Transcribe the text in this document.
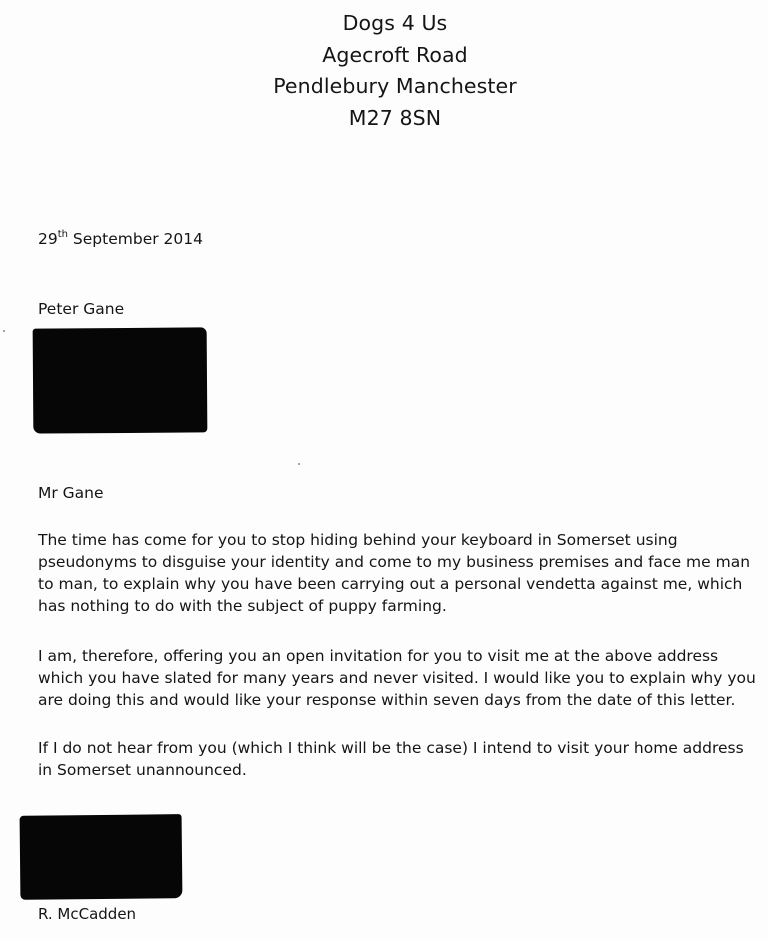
Dogs 4 Us
Agecroft Road
Pendlebury Manchester
M27 8SN
29th September 2014
Peter Gane
Mr Gane
The time has come for you to stop hiding behind your keyboard in Somerset using
pseudonyms to disguise your identity and come to my business premises and face me man
to man, to explain why you have been carrying out a personal vendetta against me, which
has nothing to do with the subject of puppy farming.
I am, therefore, offering you an open invitation for you to visit me at the above address
which you have slated for many years and never visited. I would like you to explain why you
are doing this and would like your response within seven days from the date of this letter.
If I do not hear from you (which I think will be the case) I intend to visit your home address
in Somerset unannounced.
R. McCadden
